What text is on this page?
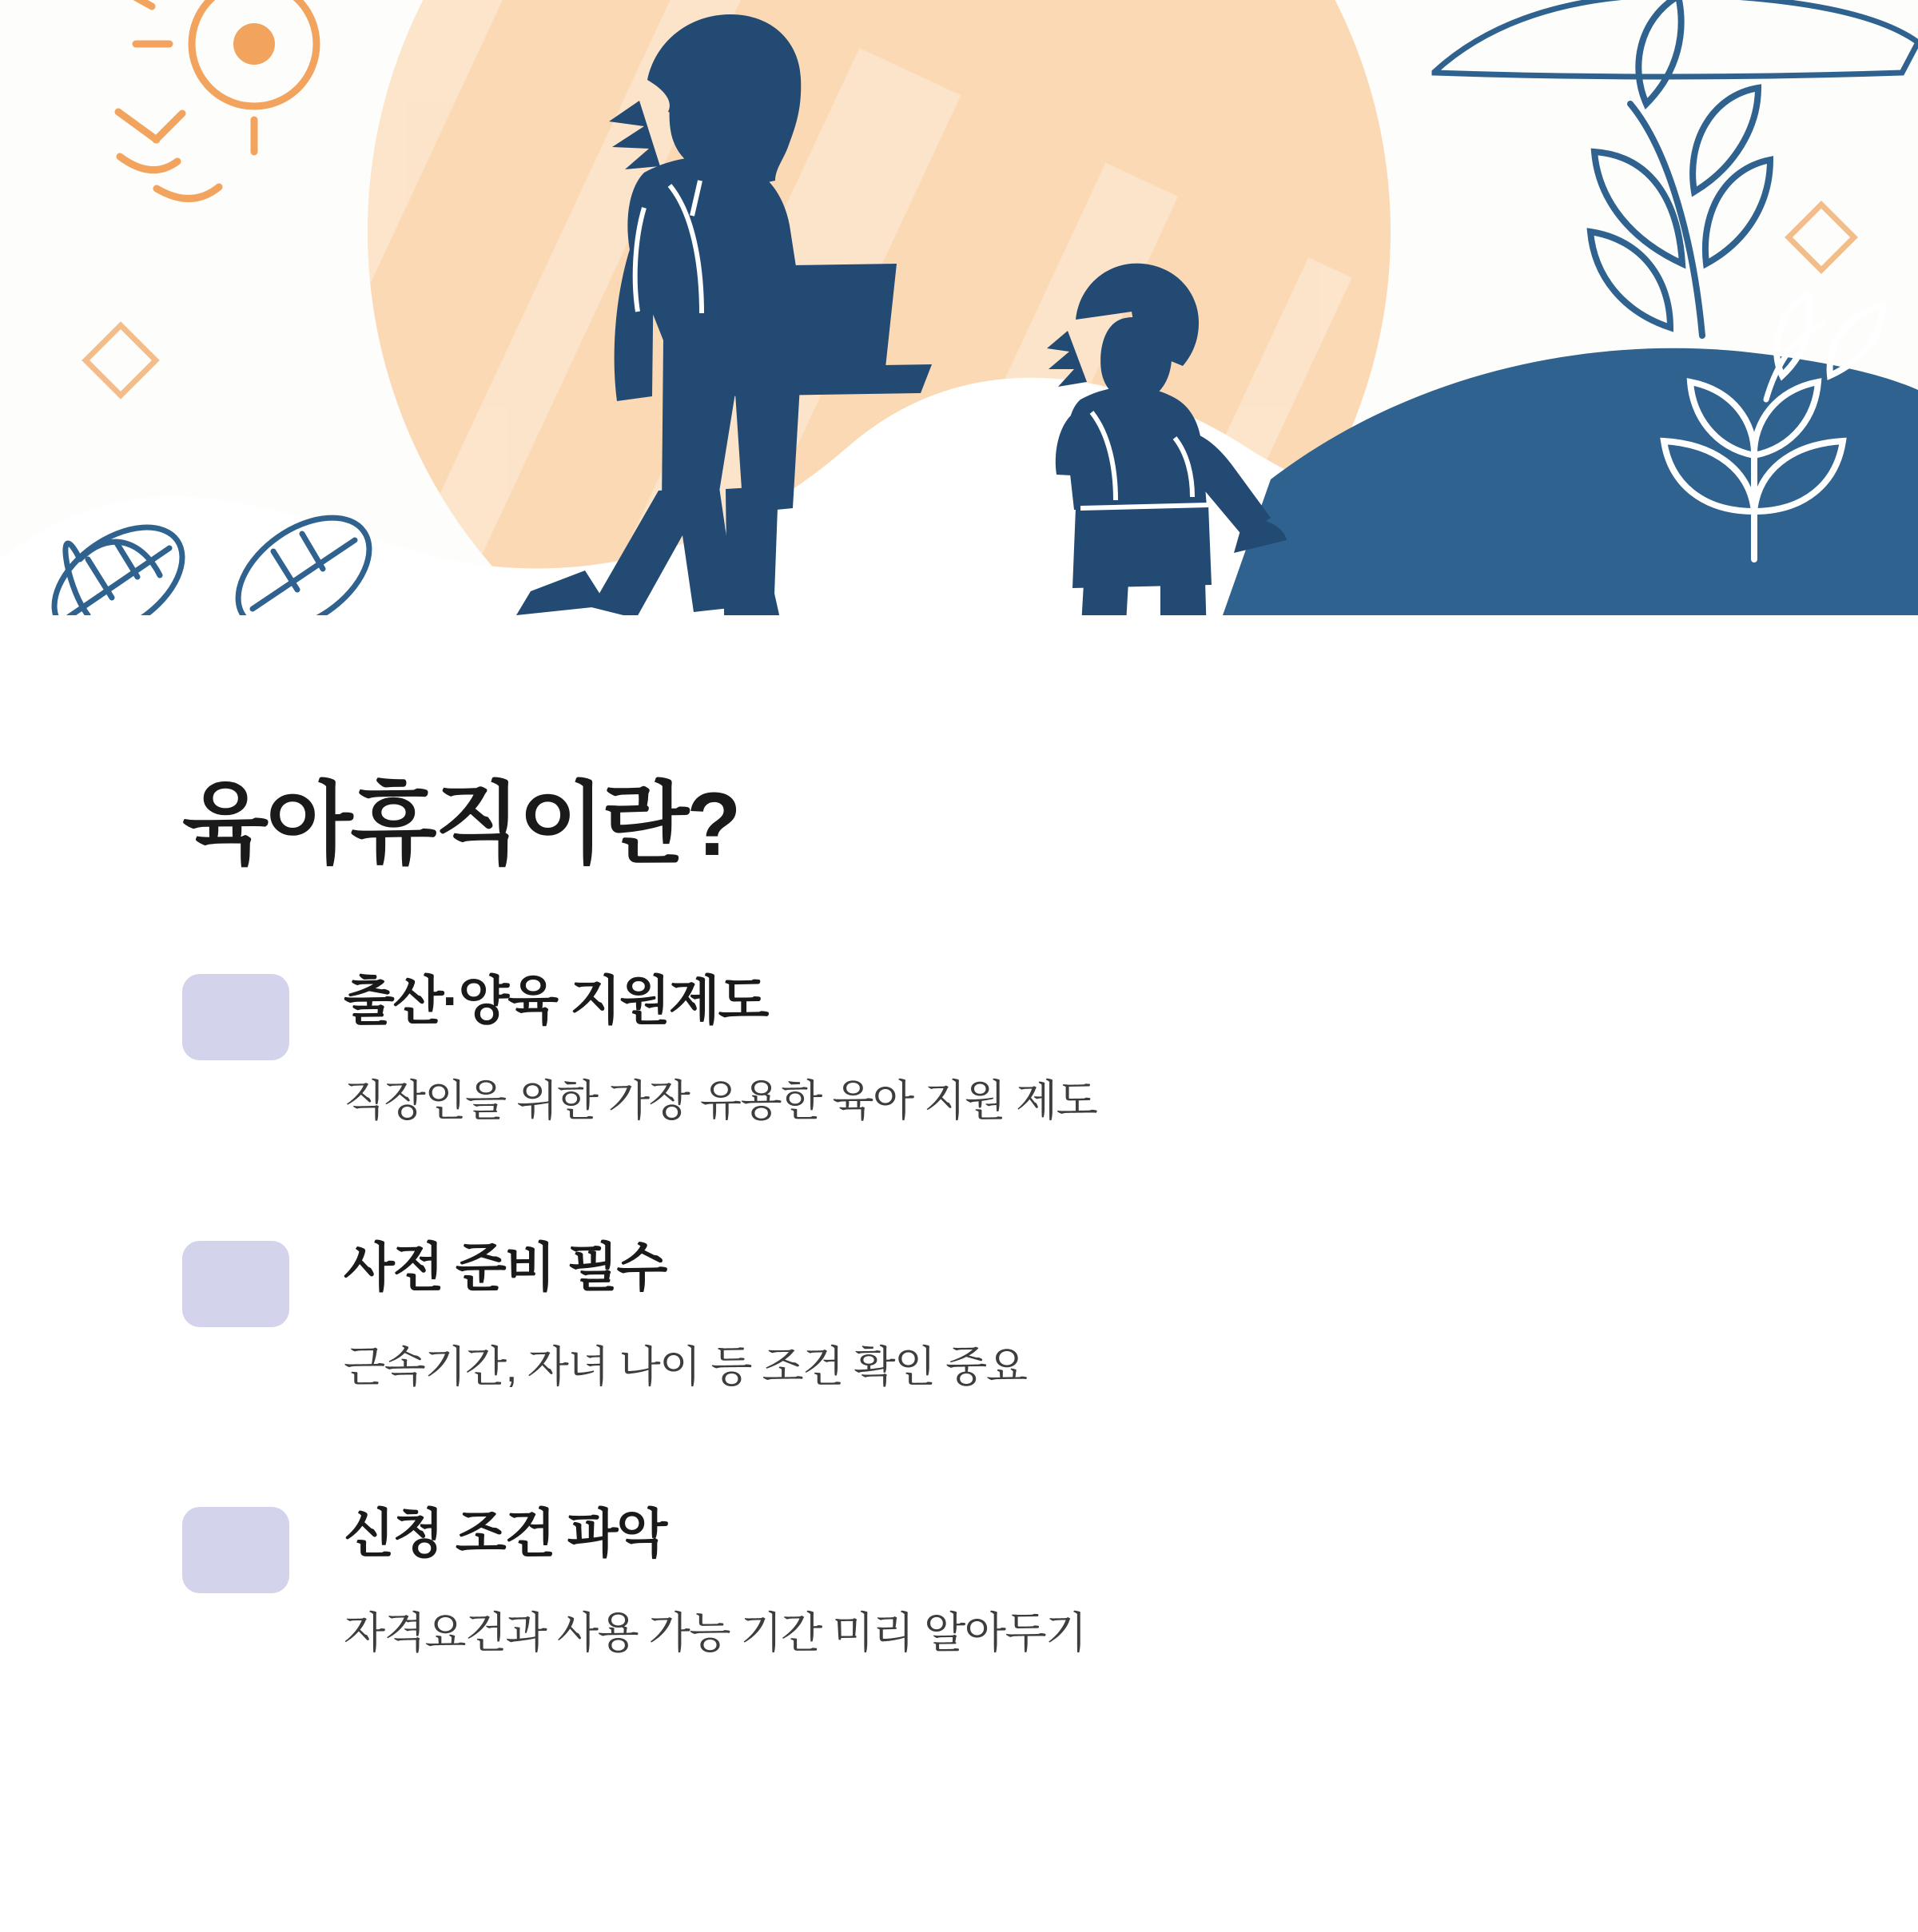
육아휴직이란?
출산·양육 지원제도
직장인을 위한 가장 유용한 육아 지원 제도
사전 준비 필수
근속기간, 자녀 나이 등 조건 확인 중요
신청 조건 파악
자격요건과 사용 가능 기간 미리 알아두기
